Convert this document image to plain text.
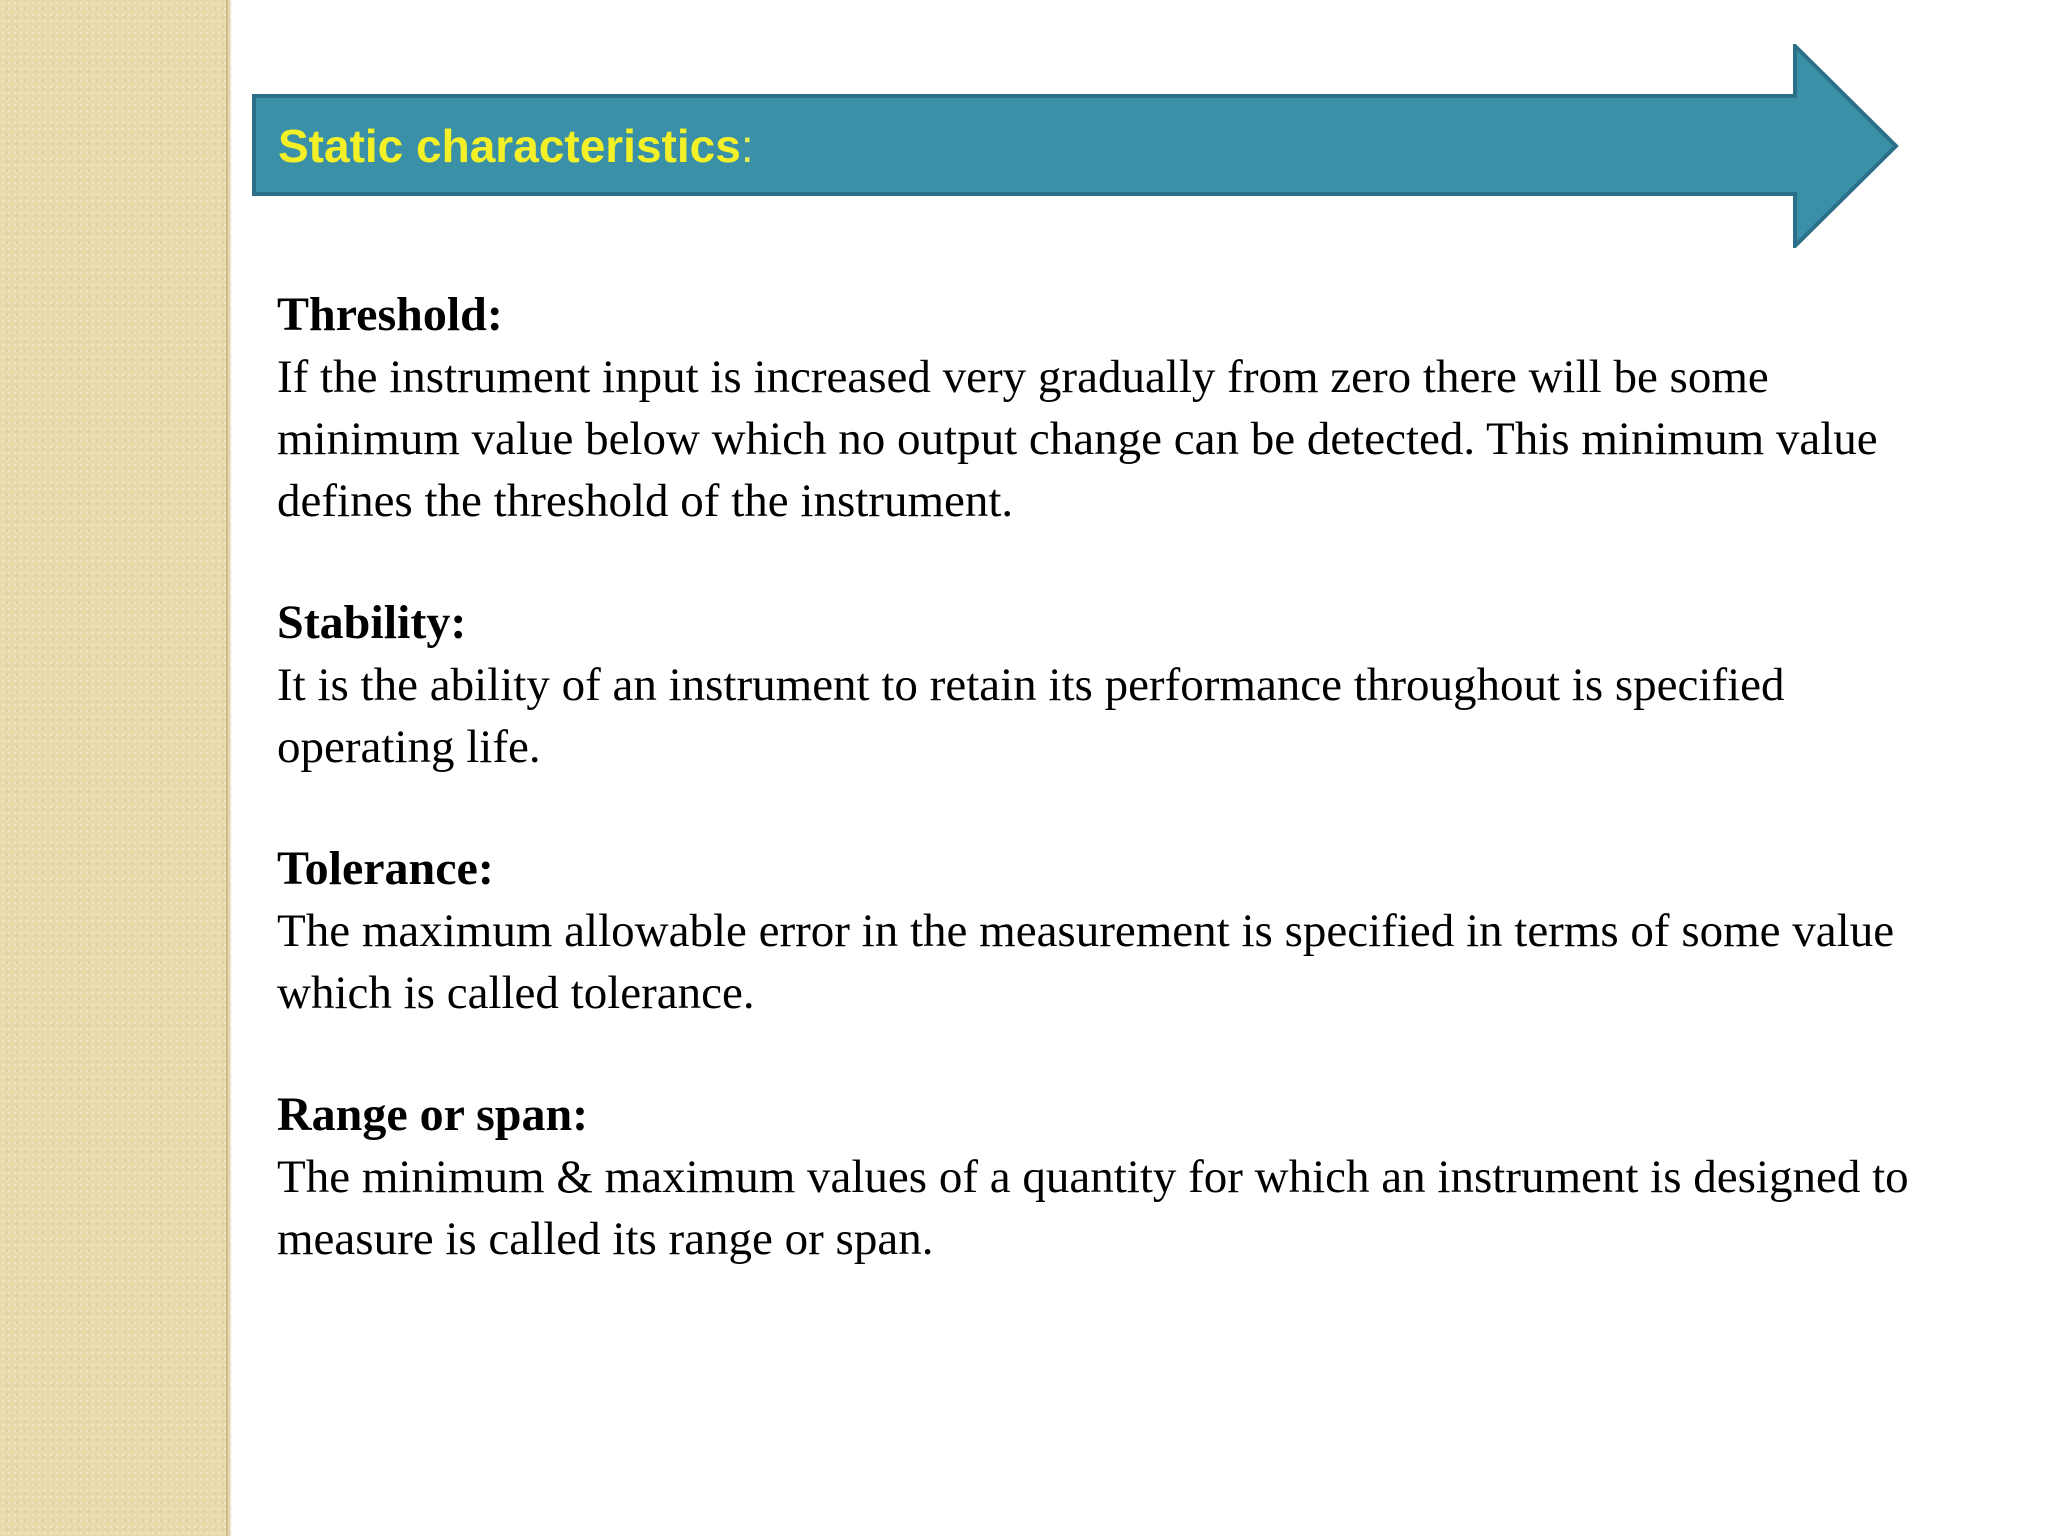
Static characteristics:

Threshold:

If the instrument input is increased very gradually from zero there will be some minimum value below which no output change can be detected. This minimum value defines the threshold of the instrument.

Stability:

It is the ability of an instrument to retain its performance throughout is specified operating life.

Tolerance:

The maximum allowable error in the measurement is specified in terms of some value which is called tolerance.

Range or span:

The minimum & maximum values of a quantity for which an instrument is designed to measure is called its range or span.
